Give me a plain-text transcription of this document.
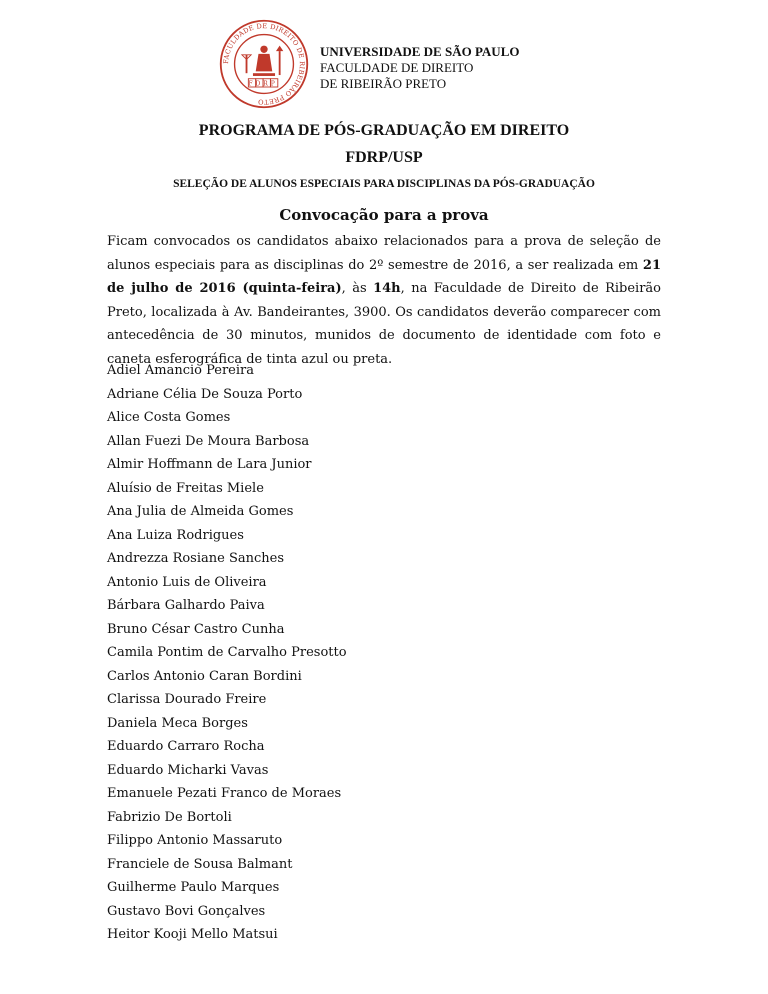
FACULDADE DE DIREITO DE RIBEIRÃO PRETO
FDRP
UNIVERSIDADE DE SÃO PAULO
FACULDADE DE DIREITO
DE RIBEIRÃO PRETO

PROGRAMA DE PÓS-GRADUAÇÃO EM DIREITO

FDRP/USP

SELEÇÃO DE ALUNOS ESPECIAIS PARA DISCIPLINAS DA PÓS-GRADUAÇÃO

Convocação para a prova
Ficam convocados os candidatos abaixo relacionados para a prova de seleção de alunos especiais para as disciplinas do 2º semestre de 2016, a ser realizada em 21 de julho de 2016 (quinta-feira), às 14h, na Faculdade de Direito de Ribeirão Preto, localizada à Av. Bandeirantes, 3900. Os candidatos deverão comparecer com antecedência de 30 minutos, munidos de documento de identidade com foto e caneta esferográfica de tinta azul ou preta.
Adiel Amancio Pereira
Adriane Célia De Souza Porto
Alice Costa Gomes
Allan Fuezi De Moura Barbosa
Almir Hoffmann de Lara Junior
Aluísio de Freitas Miele
Ana Julia de Almeida Gomes
Ana Luiza Rodrigues
Andrezza Rosiane Sanches
Antonio Luis de Oliveira
Bárbara Galhardo Paiva
Bruno César Castro Cunha
Camila Pontim de Carvalho Presotto
Carlos Antonio Caran Bordini
Clarissa Dourado Freire
Daniela Meca Borges
Eduardo Carraro Rocha
Eduardo Micharki Vavas
Emanuele Pezati Franco de Moraes
Fabrizio De Bortoli
Filippo Antonio Massaruto
Franciele de Sousa Balmant
Guilherme Paulo Marques
Gustavo Bovi Gonçalves
Heitor Kooji Mello Matsui
